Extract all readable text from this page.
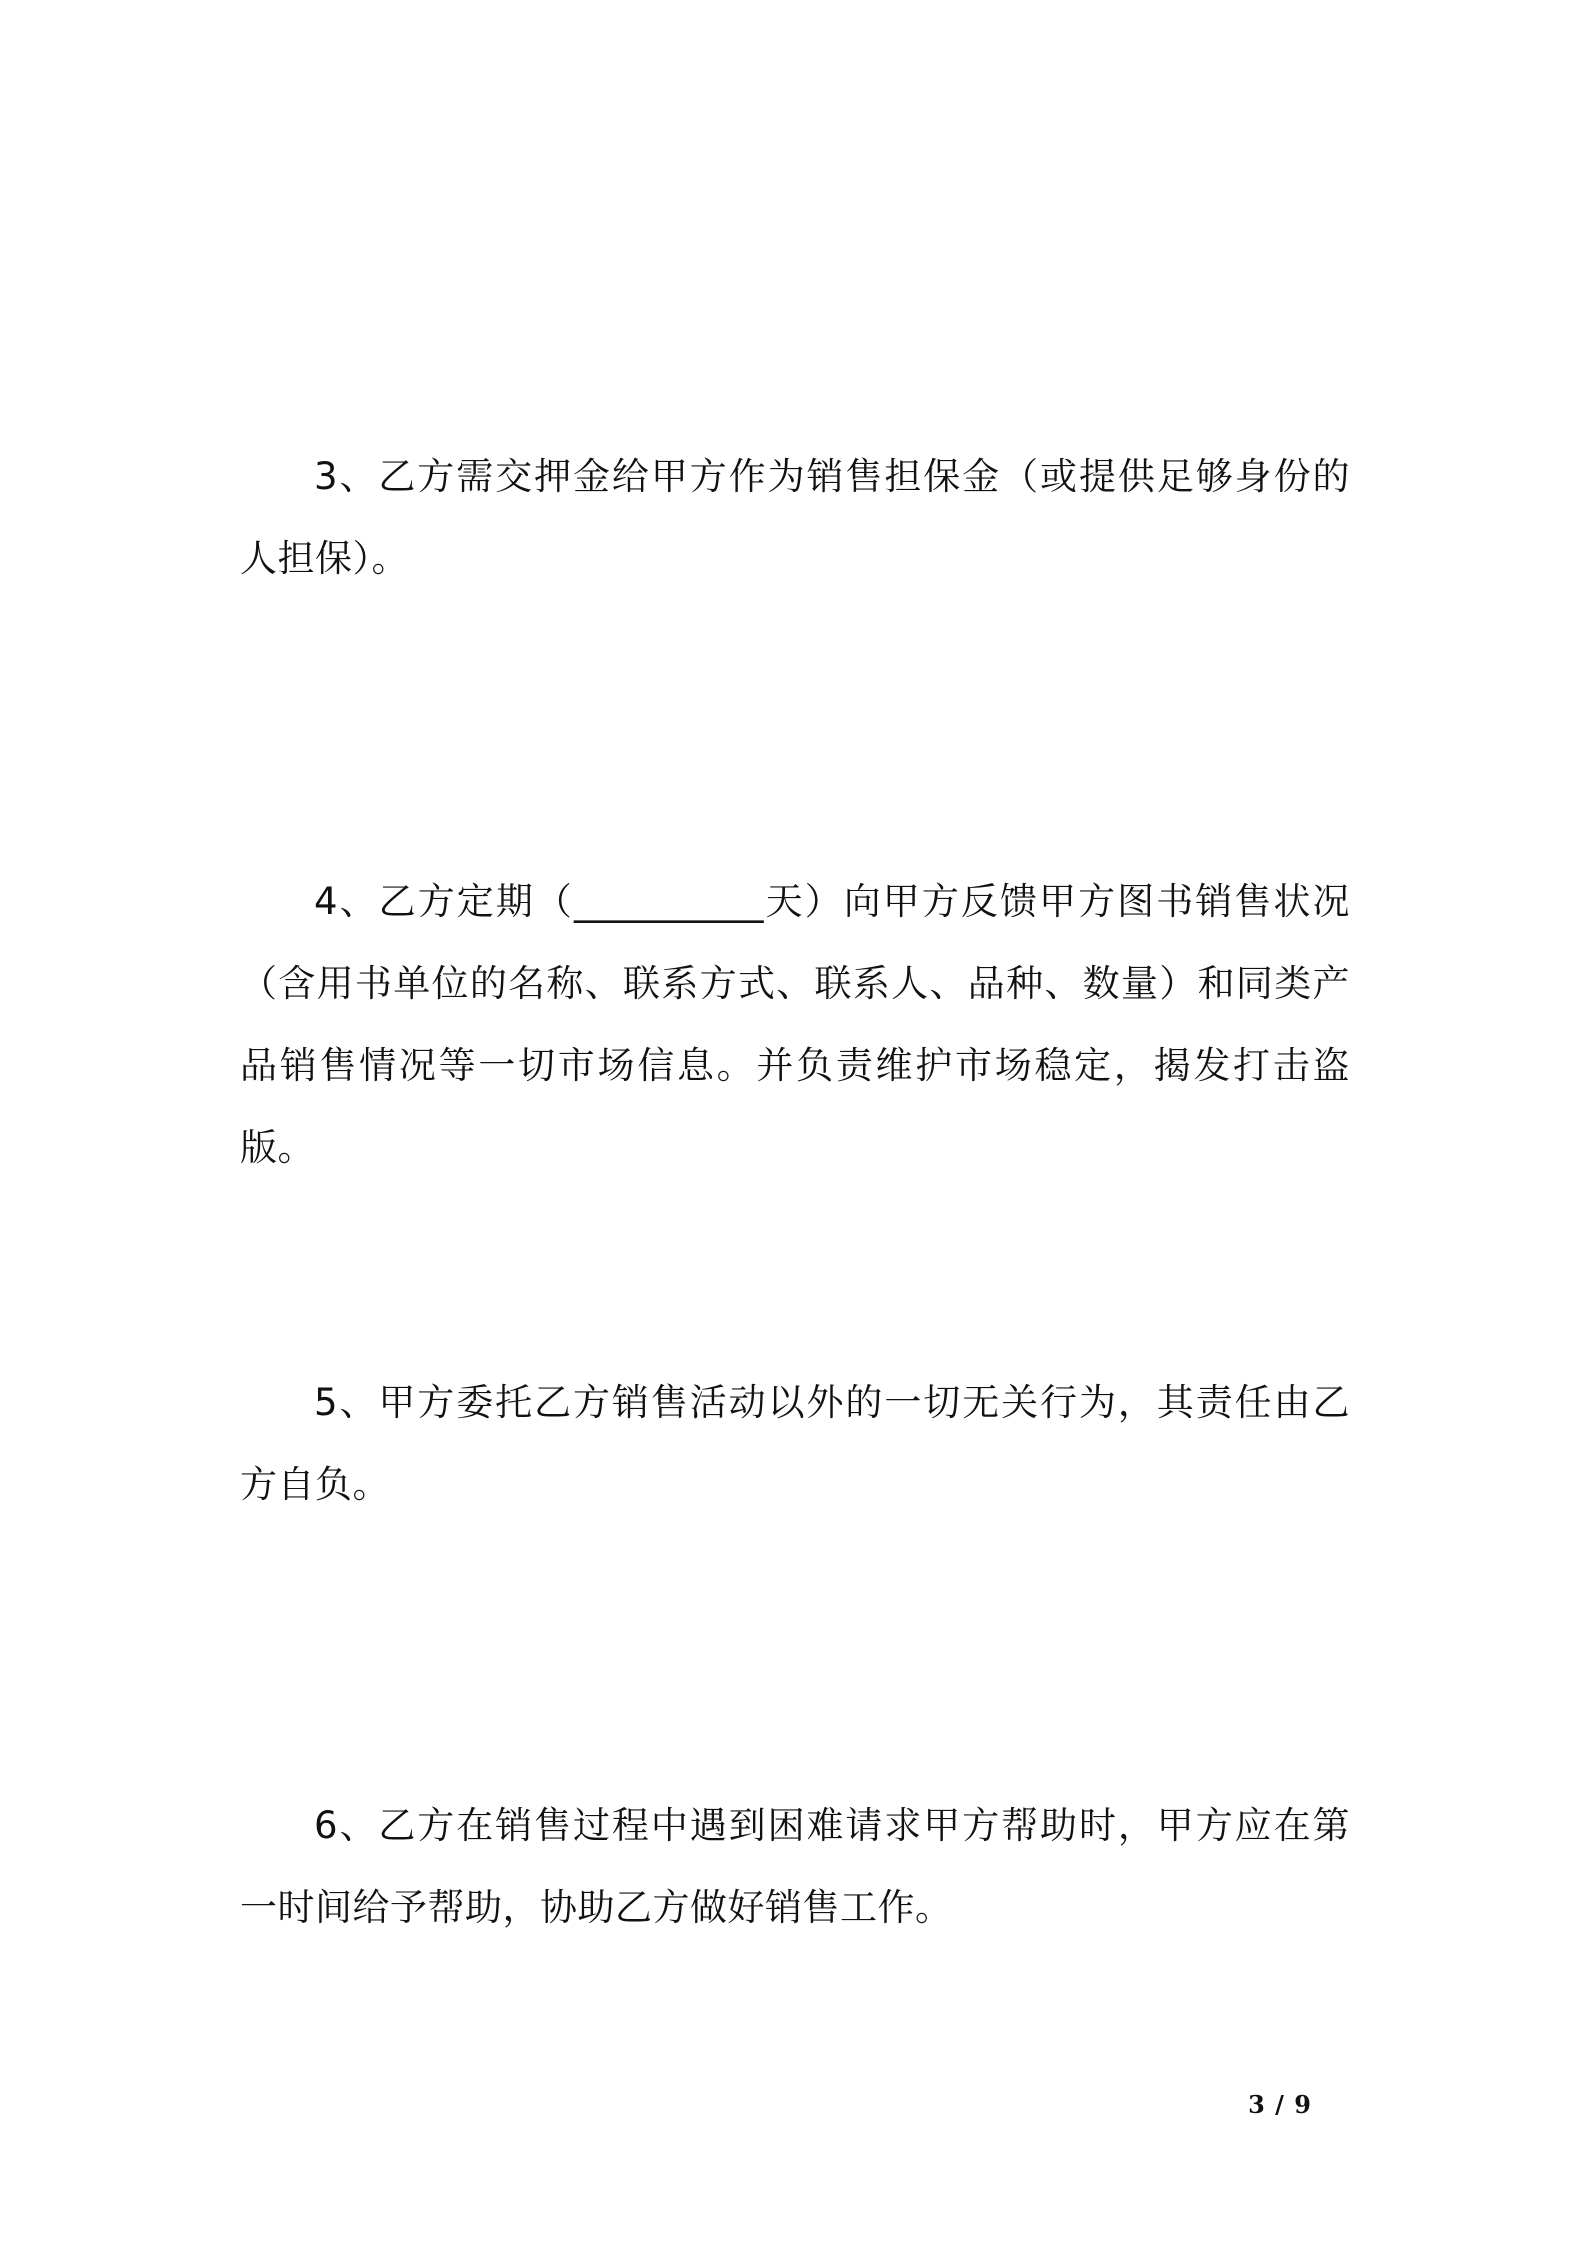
3、乙方需交押金给甲方作为销售担保金（或提供足够身份的人担保）。

4、乙方定期（__________天）向甲方反馈甲方图书销售状况（含用书单位的名称、联系方式、联系人、品种、数量）和同类产品销售情况等一切市场信息。并负责维护市场稳定，揭发打击盗版。

5、甲方委托乙方销售活动以外的一切无关行为，其责任由乙方自负。

6、乙方在销售过程中遇到困难请求甲方帮助时，甲方应在第一时间给予帮助，协助乙方做好销售工作。

3 / 9
